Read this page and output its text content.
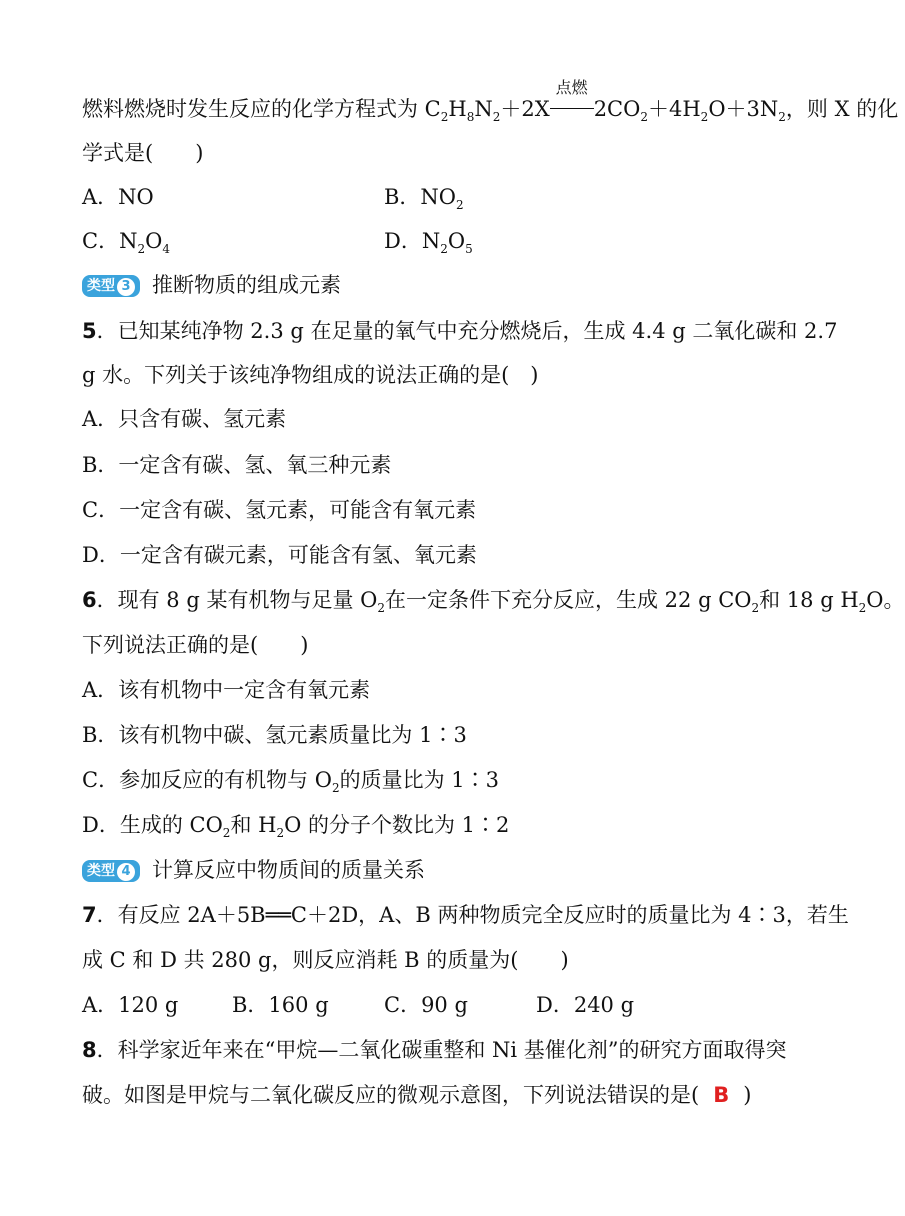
燃料燃烧时发生反应的化学方程式为 $C_2H_8N_2+2X$
点燃
$2CO_2+4H_2O+3N_2$，则 X 的化
学式是(　　)
A．NO	B．$NO_2$
C．$N_2O_4$	D．$N_2O_5$
类型 3 推断物质的组成元素
5．已知某纯净物 2.3 g 在足量的氧气中充分燃烧后，生成 4.4 g 二氧化碳和 2.7
g 水。下列关于该纯净物组成的说法正确的是(　)
A．只含有碳、氢元素
B．一定含有碳、氢、氧三种元素
C．一定含有碳、氢元素，可能含有氧元素
D．一定含有碳元素，可能含有氢、氧元素
6．现有 8 g 某有机物与足量 $O_2$在一定条件下充分反应，生成 22 g $CO_2$和 18 g $H_2O$。
下列说法正确的是(　　)
A．该有机物中一定含有氧元素
B．该有机物中碳、氢元素质量比为 1∶3
C．参加反应的有机物与 $O_2$的质量比为 1∶3
D．生成的 $CO_2$和 $H_2O$ 的分子个数比为 1∶2
类型 4 计算反应中物质间的质量关系
7．有反应 2A＋5B══C＋2D，A、B 两种物质完全反应时的质量比为 4∶3，若生
成 C 和 D 共 280 g，则反应消耗 B 的质量为(　　)
A．120 g	B．160 g	C．90 g	D．240 g
8．科学家近年来在“甲烷—二氧化碳重整和 Ni 基催化剂”的研究方面取得突
破。如图是甲烷与二氧化碳反应的微观示意图，下列说法错误的是( B )
